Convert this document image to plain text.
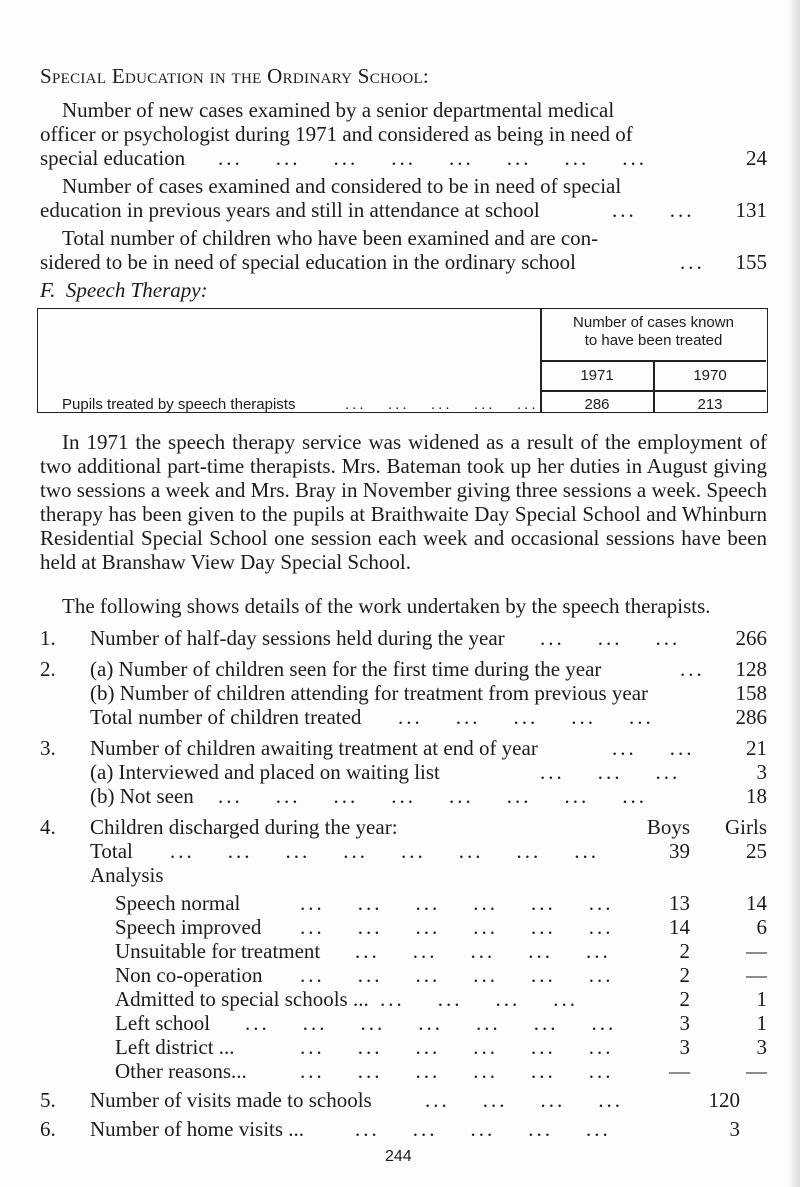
Special Education in the Ordinary School:
Number of new cases examined by a senior departmental medical
officer or psychologist during 1971 and considered as being in need of
special education ...    ...    ...    ...    ...    ...    ...    ...	24
Number of cases examined and considered to be in need of special
education in previous years and still in attendance at school	...    ... 131
Total number of children who have been examined and are con-
sidered to be in need of special education in the ordinary school	... 155
F. Speech Therapy:
Number of cases known
to have been treated
1971	1970
Pupils treated by speech therapists	...   ...   ...   ...   ...	286	213
In 1971 the speech therapy service was widened as a result of the employment of two additional part-time therapists. Mrs. Bateman took up her duties in August giving two sessions a week and Mrs. Bray in November giving three sessions a week. Speech therapy has been given to the pupils at Braithwaite Day Special School and Whinburn Residential Special School one session each week and occasional sessions have been held at Branshaw View Day Special School.
The following shows details of the work undertaken by the speech therapists.
1. Number of half-day sessions held during the year ...    ...    ...	266
2. (a) Number of children seen for the first time during the year	... 128
(b) Number of children attending for treatment from previous year	158
Total number of children treated ...    ...    ...    ...    ...	286
3. Number of children awaiting treatment at end of year	...    ... 21
(a) Interviewed and placed on waiting list	...    ...    ...	3
(b) Not seen ...    ...    ...    ...    ...    ...    ...    ...	18
4. Children discharged during the year:	Boys Girls
Total ...    ...    ...    ...    ...    ...    ...    ...	39	25
Analysis
Speech normal	...    ...    ...    ...    ...    ...	13	14
Speech improved ...    ...    ...    ...    ...    ...	14	6
Unsuitable for treatment ...    ...    ...    ...    ...	2	—
Non co-operation ...    ...    ...    ...    ...    ...	2	—
Admitted to special schools ... ...    ...    ...    ...	2	1
Left school ...    ...    ...    ...    ...    ...    ...	3	1
Left district ...	...    ...    ...    ...    ...    ...	3	3
Other reasons...	...    ...    ...    ...    ...    ...	—	—
5. Number of visits made to schools	...    ...    ...    ...	120
6. Number of home visits ... ...    ...    ...    ...    ...	3
244
